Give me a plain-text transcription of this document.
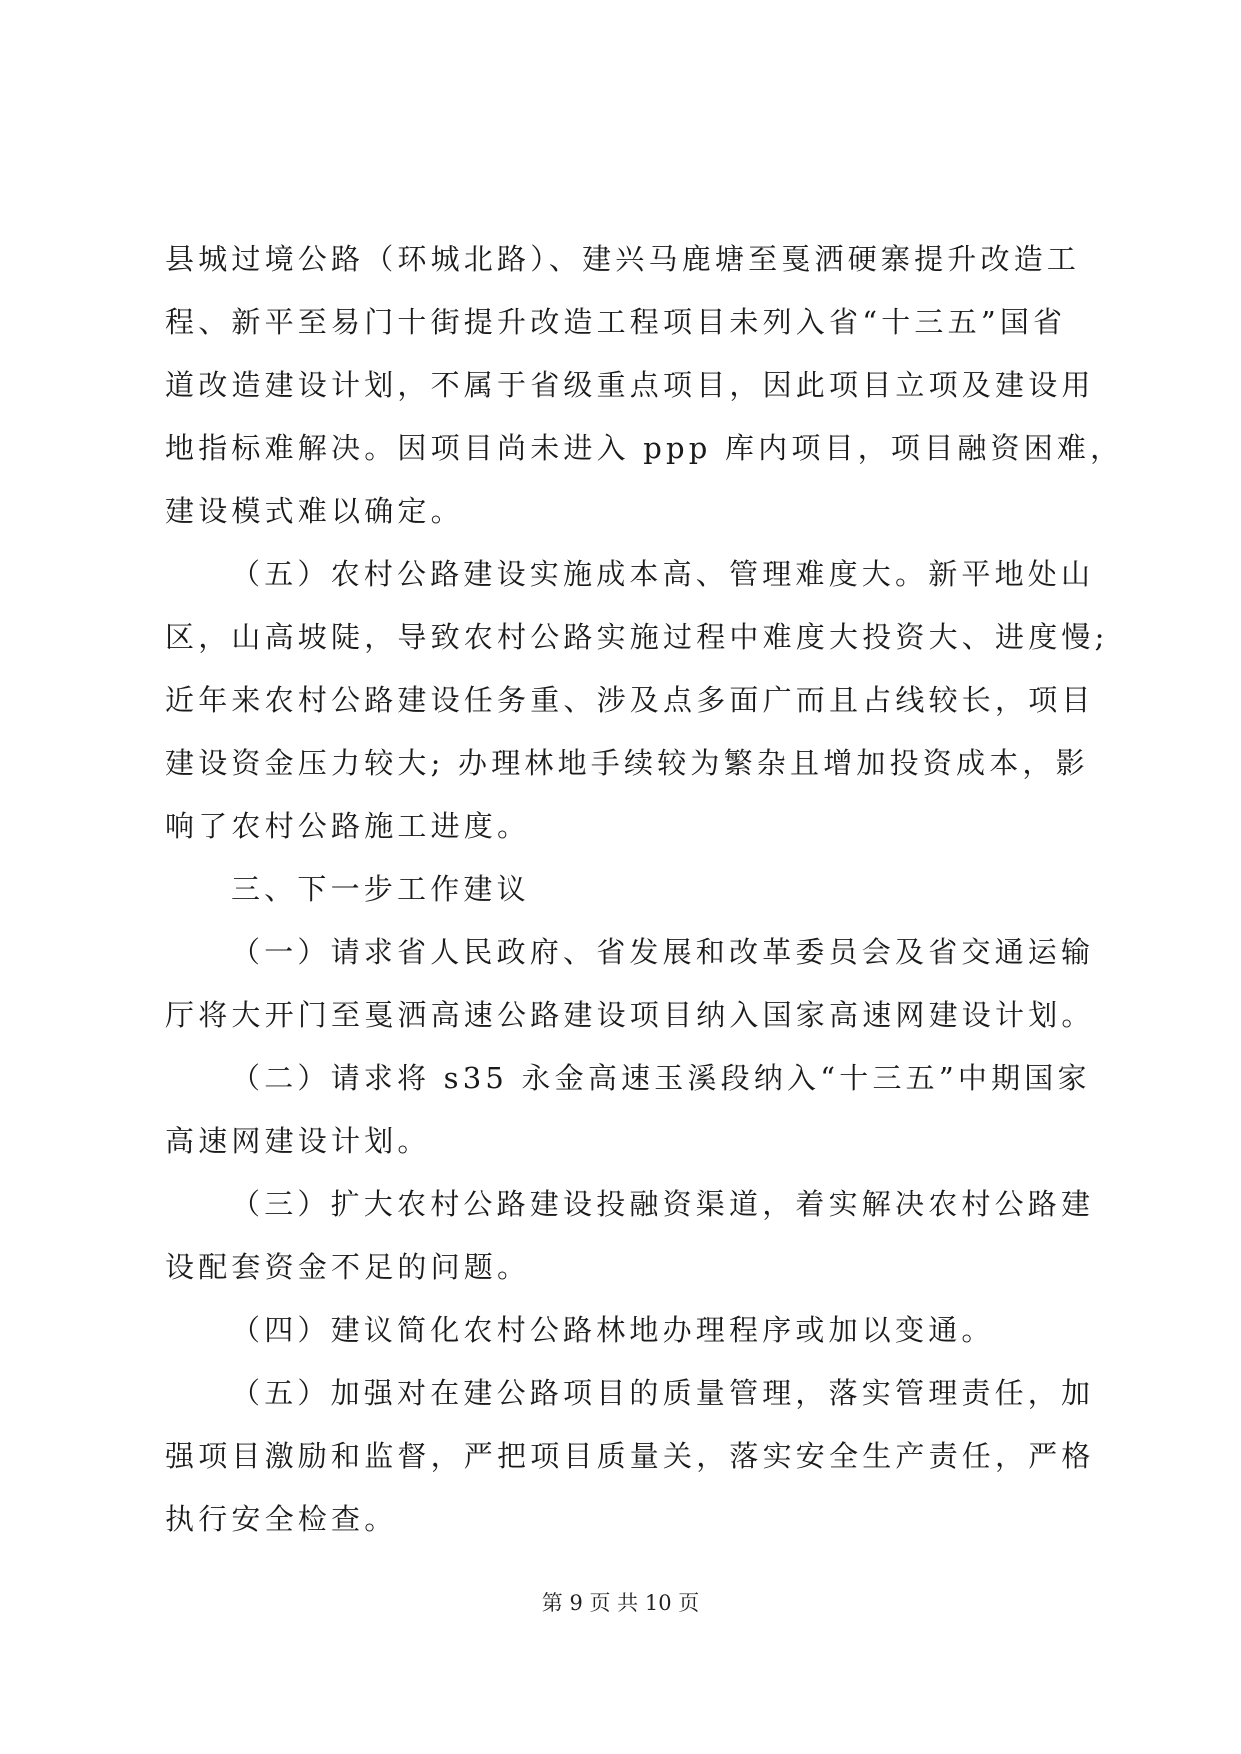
县城过境公路（环城北路）、建兴马鹿塘至戛洒硬寨提升改造工
程、新平至易门十街提升改造工程项目未列入省“十三五”国省
道改造建设计划，不属于省级重点项目，因此项目立项及建设用
地指标难解决。因项目尚未进入 ppp 库内项目，项目融资困难，
建设模式难以确定。
（五）农村公路建设实施成本高、管理难度大。新平地处山
区，山高坡陡，导致农村公路实施过程中难度大投资大、进度慢;
近年来农村公路建设任务重、涉及点多面广而且占线较长，项目
建设资金压力较大; 办理林地手续较为繁杂且增加投资成本，影
响了农村公路施工进度。
三、下一步工作建议
（一）请求省人民政府、省发展和改革委员会及省交通运输
厅将大开门至戛洒高速公路建设项目纳入国家高速网建设计划。
（二）请求将 s35 永金高速玉溪段纳入“十三五”中期国家
高速网建设计划。
（三）扩大农村公路建设投融资渠道，着实解决农村公路建
设配套资金不足的问题。
（四）建议简化农村公路林地办理程序或加以变通。
（五）加强对在建公路项目的质量管理，落实管理责任，加
强项目激励和监督，严把项目质量关，落实安全生产责任，严格
执行安全检查。
第 9 页 共 10 页
